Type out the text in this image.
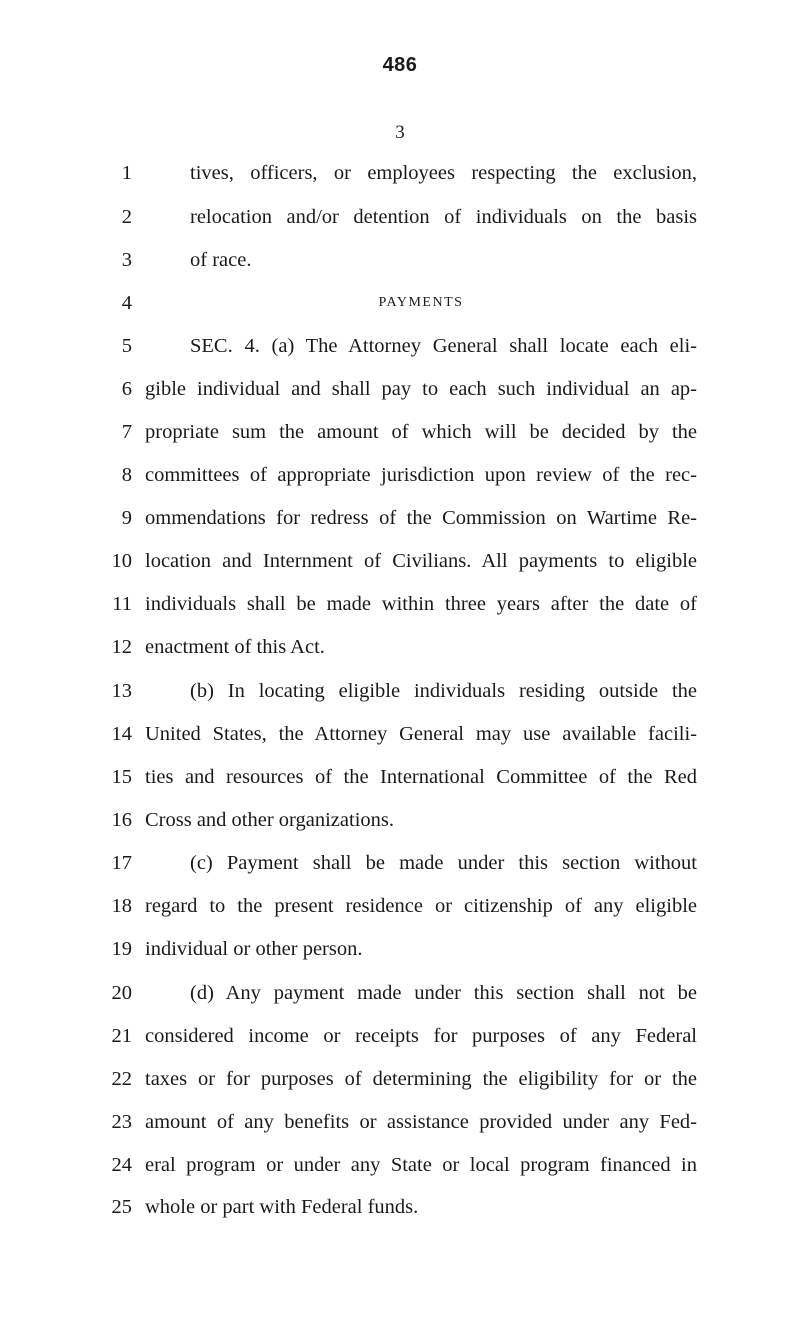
486
3
1	tives, officers, or employees respecting the exclusion,
2	relocation and/or detention of individuals on the basis
3	of race.
4	PAYMENTS
5	SEC. 4. (a) The Attorney General shall locate each eli-
6 gible individual and shall pay to each such individual an ap-
7 propriate sum the amount of which will be decided by the
8 committees of appropriate jurisdiction upon review of the rec-
9 ommendations for redress of the Commission on Wartime Re-
10 location and Internment of Civilians. All payments to eligible
11 individuals shall be made within three years after the date of
12 enactment of this Act.
13	(b) In locating eligible individuals residing outside the
14 United States, the Attorney General may use available facili-
15 ties and resources of the International Committee of the Red
16 Cross and other organizations.
17	(c) Payment shall be made under this section without
18 regard to the present residence or citizenship of any eligible
19 individual or other person.
20	(d) Any payment made under this section shall not be
21 considered income or receipts for purposes of any Federal
22 taxes or for purposes of determining the eligibility for or the
23 amount of any benefits or assistance provided under any Fed-
24 eral program or under any State or local program financed in
25 whole or part with Federal funds.
